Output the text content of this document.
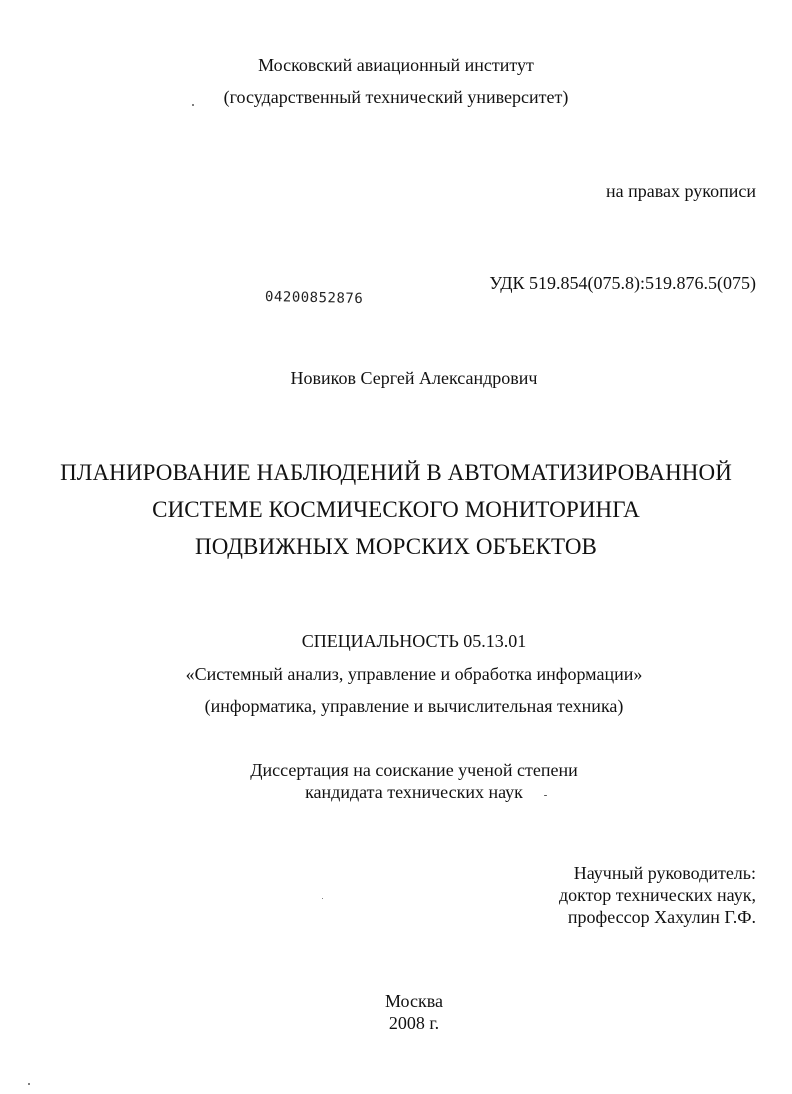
Московский авиационный институт
(государственный технический университет)
на правах рукописи
УДК 519.854(075.8):519.876.5(075)
04200852876
Новиков Сергей Александрович
ПЛАНИРОВАНИЕ НАБЛЮДЕНИЙ В АВТОМАТИЗИРОВАННОЙ
СИСТЕМЕ КОСМИЧЕСКОГО МОНИТОРИНГА
ПОДВИЖНЫХ МОРСКИХ ОБЪЕКТОВ
СПЕЦИАЛЬНОСТЬ 05.13.01
«Системный анализ, управление и обработка информации»
(информатика, управление и вычислительная техника)
Диссертация на соискание ученой степени
кандидата технических наук
Научный руководитель:
доктор технических наук,
профессор Хахулин Г.Ф.
Москва
2008 г.
